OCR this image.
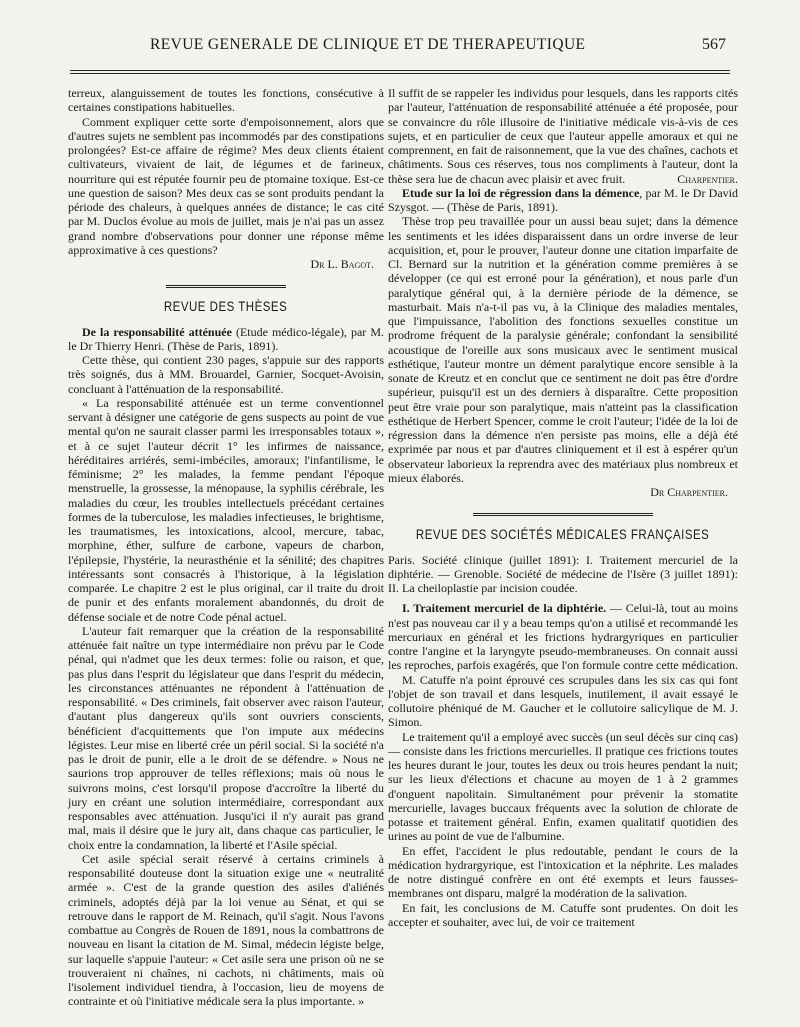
REVUE GENERALE DE CLINIQUE ET DE THERAPEUTIQUE	567

terreux, alanguissement de toutes les fonctions, consécutive à certaines constipations habituelles.

Comment expliquer cette sorte d'empoisonnement, alors que d'autres sujets ne semblent pas incommodés par des constipations prolongées? Est-ce affaire de régime? Mes deux clients étaient cultivateurs, vivaient de lait, de légumes et de farineux, nourriture qui est réputée fournir peu de ptomaine toxique. Est-ce une question de saison? Mes deux cas se sont produits pendant la période des chaleurs, à quelques années de distance; le cas cité par M. Duclos évolue au mois de juillet, mais je n'ai pas un assez grand nombre d'observations pour donner une réponse même approximative à ces questions?

Dr L. Bagot.

REVUE DES THÈSES

De la responsabilité atténuée (Etude médico-légale), par M. le Dr Thierry Henri. (Thèse de Paris, 1891).

Cette thèse, qui contient 230 pages, s'appuie sur des rapports très soignés, dus à MM. Brouardel, Garnier, Socquet-Avoisin, concluant à l'atténuation de la responsabilité.

« La responsabilité atténuée est un terme conventionnel servant à désigner une catégorie de gens suspects au point de vue mental qu'on ne saurait classer parmi les irresponsables totaux », et à ce sujet l'auteur décrit 1° les infirmes de naissance, héréditaires arriérés, semi-imbéciles, amoraux; l'infantilisme, le féminisme; 2° les malades, la femme pendant l'époque menstruelle, la grossesse, la ménopause, la syphilis cérébrale, les maladies du cœur, les troubles intellectuels précédant certaines formes de la tuberculose, les maladies infectieuses, le brightisme, les traumatismes, les intoxications, alcool, mercure, tabac, morphine, éther, sulfure de carbone, vapeurs de charbon, l'épilepsie, l'hystérie, la neurasthénie et la sénilité; des chapitres intéressants sont consacrés à l'historique, à la législation comparée. Le chapitre 2 est le plus original, car il traite du droit de punir et des enfants moralement abandonnés, du droit de défense sociale et de notre Code pénal actuel.

L'auteur fait remarquer que la création de la responsabilité atténuée fait naître un type intermédiaire non prévu par le Code pénal, qui n'admet que les deux termes: folie ou raison, et que, pas plus dans l'esprit du législateur que dans l'esprit du médecin, les circonstances atténuantes ne répondent à l'atténuation de responsabilité. « Des criminels, fait observer avec raison l'auteur, d'autant plus dangereux qu'ils sont ouvriers conscients, bénéficient d'acquittements que l'on impute aux médecins légistes. Leur mise en liberté crée un péril social. Si la société n'a pas le droit de punir, elle a le droit de se défendre. » Nous ne saurions trop approuver de telles réflexions; mais où nous le suivrons moins, c'est lorsqu'il propose d'accroître la liberté du jury en créant une solution intermédiaire, correspondant aux responsables avec atténuation. Jusqu'ici il n'y aurait pas grand mal, mais il désire que le jury ait, dans chaque cas particulier, le choix entre la condamnation, la liberté et l'Asile spécial.

Cet asile spécial serait réservé à certains criminels à responsabilité douteuse dont la situation exige une « neutralité armée ». C'est de la grande question des asiles d'aliénés criminels, adoptés déjà par la loi venue au Sénat, et qui se retrouve dans le rapport de M. Reinach, qu'il s'agit. Nous l'avons combattue au Congrès de Rouen de 1891, nous la combattrons de nouveau en lisant la citation de M. Simal, médecin légiste belge, sur laquelle s'appuie l'auteur: « Cet asile sera une prison où ne se trouveraient ni chaînes, ni cachots, ni châtiments, mais où l'isolement individuel tiendra, à l'occasion, lieu de moyens de contrainte et où l'initiative médicale sera la plus importante. »

Il suffit de se rappeler les individus pour lesquels, dans les rapports cités par l'auteur, l'atténuation de responsabilité atténuée a été proposée, pour se convaincre du rôle illusoire de l'initiative médicale vis-à-vis de ces sujets, et en particulier de ceux que l'auteur appelle amoraux et qui ne comprennent, en fait de raisonnement, que la vue des chaînes, cachots et châtiments. Sous ces réserves, tous nos compliments à l'auteur, dont la thèse sera lue de chacun avec plaisir et avec fruit.	Charpentier.

Etude sur la loi de régression dans la démence, par M. le Dr David Szysgot. — (Thèse de Paris, 1891).

Thèse trop peu travaillée pour un aussi beau sujet; dans la démence les sentiments et les idées disparaissent dans un ordre inverse de leur acquisition, et, pour le prouver, l'auteur donne une citation imparfaite de Cl. Bernard sur la nutrition et la génération comme premières à se développer (ce qui est erroné pour la génération), et nous parle d'un paralytique général qui, à la dernière période de la démence, se masturbait. Mais n'a-t-il pas vu, à la Clinique des maladies mentales, que l'impuissance, l'abolition des fonctions sexuelles constitue un prodrome fréquent de la paralysie générale; confondant la sensibilité acoustique de l'oreille aux sons musicaux avec le sentiment musical esthétique, l'auteur montre un dément paralytique encore sensible à la sonate de Kreutz et en conclut que ce sentiment ne doit pas être d'ordre supérieur, puisqu'il est un des derniers à disparaître. Cette proposition peut être vraie pour son paralytique, mais n'atteint pas la classification esthétique de Herbert Spencer, comme le croit l'auteur; l'idée de la loi de régression dans la démence n'en persiste pas moins, elle a déjà été exprimée par nous et par d'autres cliniquement et il est à espérer qu'un observateur laborieux la reprendra avec des matériaux plus nombreux et mieux élaborés.

Dr Charpentier.

REVUE DES SOCIÉTÉS MÉDICALES FRANÇAISES

Paris. Société clinique (juillet 1891): I. Traitement mercuriel de la diphtérie. — Grenoble. Société de médecine de l'Isère (3 juillet 1891): II. La cheiloplastie par incision coudée.

I. Traitement mercuriel de la diphtérie. — Celui-là, tout au moins n'est pas nouveau car il y a beau temps qu'on a utilisé et recommandé les mercuriaux en général et les frictions hydrargyriques en particulier contre l'angine et la laryngyte pseudo-membraneuses. On connait aussi les reproches, parfois exagérés, que l'on formule contre cette médication.

M. Catuffe n'a point éprouvé ces scrupules dans les six cas qui font l'objet de son travail et dans lesquels, inutilement, il avait essayé le collutoire phéniqué de M. Gaucher et le collutoire salicylique de M. J. Simon.

Le traitement qu'il a employé avec succès (un seul décès sur cinq cas) — consiste dans les frictions mercurielles. Il pratique ces frictions toutes les heures durant le jour, toutes les deux ou trois heures pendant la nuit; sur les lieux d'élections et chacune au moyen de 1 à 2 grammes d'onguent napolitain. Simultanément pour prévenir la stomatite mercurielle, lavages buccaux fréquents avec la solution de chlorate de potasse et traitement général. Enfin, examen qualitatif quotidien des urines au point de vue de l'albumine.

En effet, l'accident le plus redoutable, pendant le cours de la médication hydrargyrique, est l'intoxication et la néphrite. Les malades de notre distingué confrère en ont été exempts et leurs fausses-membranes ont disparu, malgré la modération de la salivation.

En fait, les conclusions de M. Catuffe sont prudentes. On doit les accepter et souhaiter, avec lui, de voir ce traitement
